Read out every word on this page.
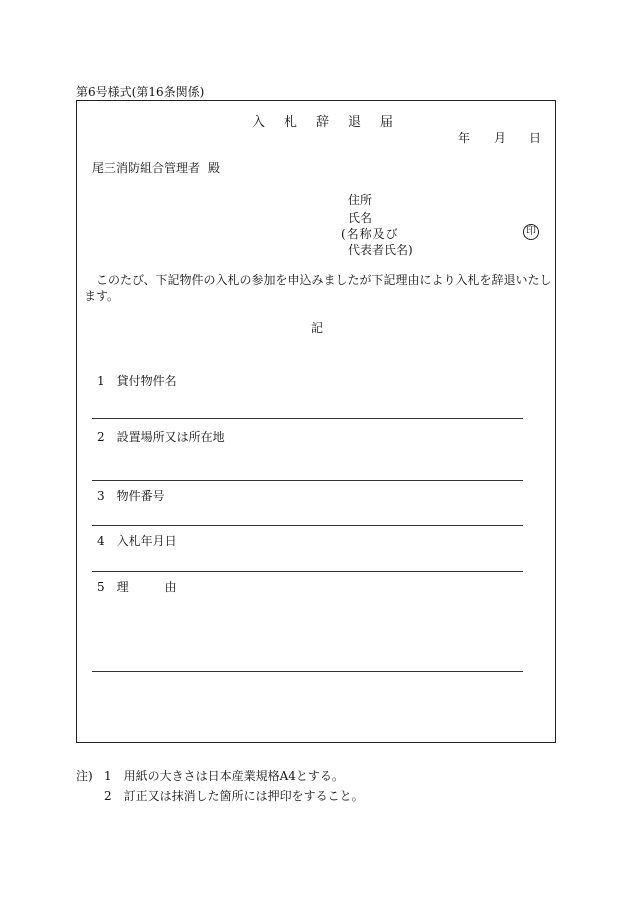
第6号様式(第16条関係)
入札辞退届
年 月 日
尾三消防組合管理者 殿
住所
氏名
(名称及び
代表者氏名)
印
このたび、下記物件の入札の参加を申込みましたが下記理由により入札を辞退いたします。
記
1　貸付物件名
2　設置場所又は所在地
3　物件番号
4　入札年月日
5　理　　　由
注) 1　用紙の大きさは日本産業規格A4とする。
2　訂正又は抹消した箇所には押印をすること。
